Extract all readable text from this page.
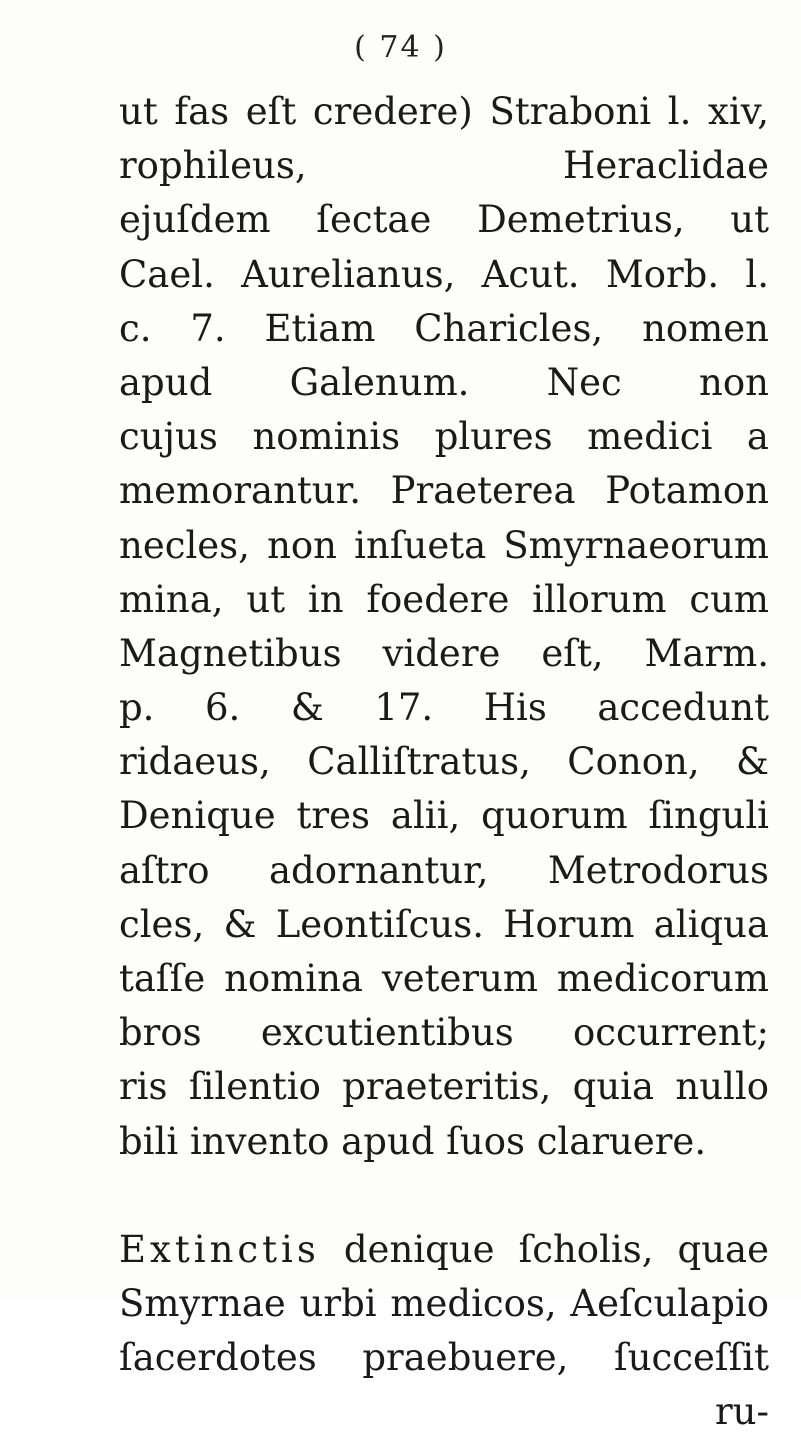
( 74 )
ut fas eſt credere) Straboni l. xiv,
rophileus, Heraclidae
ejuſdem ſectae Demetrius, ut
Cael. Aurelianus, Acut. Morb. l.
c. 7. Etiam Charicles, nomen
apud Galenum. Nec non
cujus nominis plures medici a
memorantur. Praeterea Potamon
necles, non inſueta Smyrnaeorum
mina, ut in foedere illorum cum
Magnetibus videre eſt, Marm.
p. 6. & 17. His accedunt
ridaeus, Calliſtratus, Conon, &
Denique tres alii, quorum ſinguli
aſtro adornantur, Metrodorus
cles, & Leontiſcus. Horum aliqua
taſſe nomina veterum medicorum
bros excutientibus occurrent;
ris ſilentio praeteritis, quia nullo
bili invento apud ſuos claruere.
Extinctis denique ſcholis, quae
Smyrnae urbi medicos, Aeſculapio
ſacerdotes praebuere, ſucceſſit
ru-
